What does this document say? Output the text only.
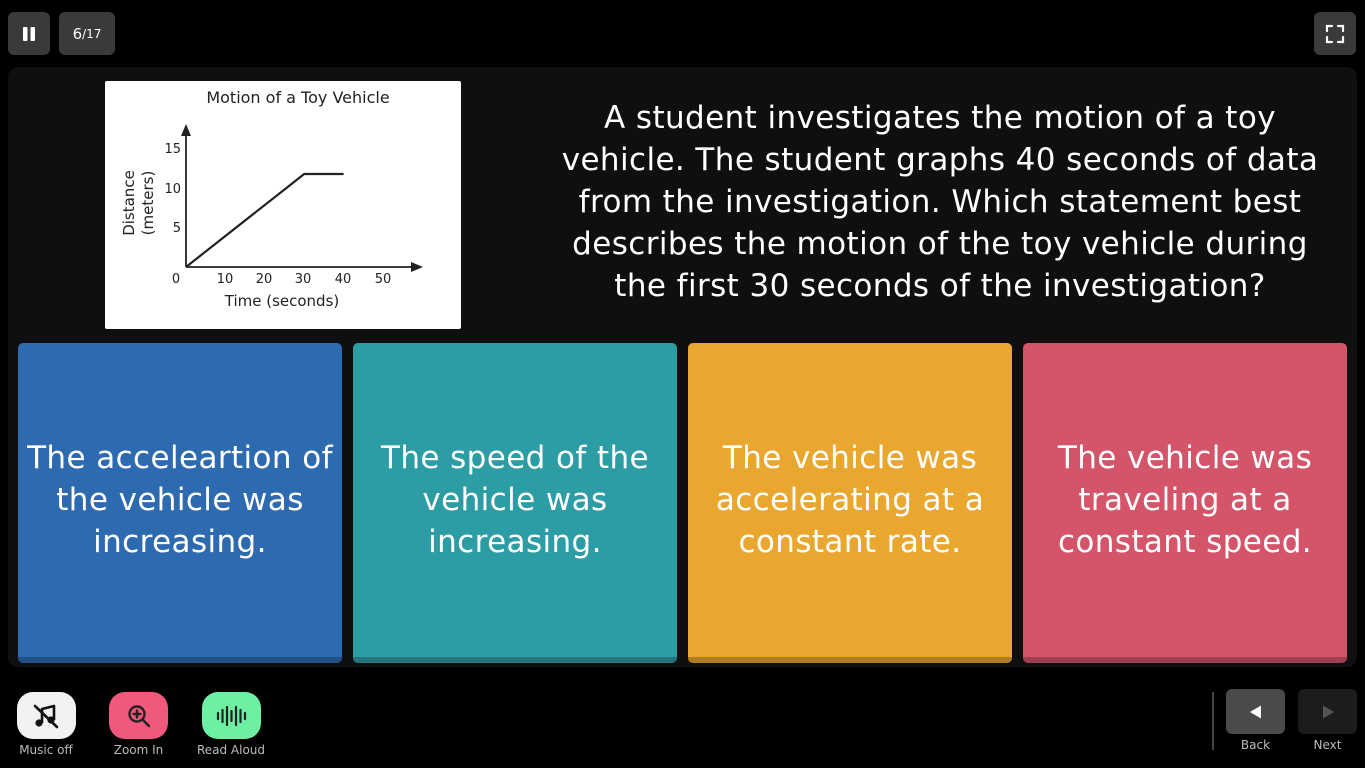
6 /17
Motion of a Toy Vehicle
5
10
15
0	10 20 30 40 50
Time (seconds)
Distance (meters)
A student investigates the motion of a toy vehicle. The student graphs 40 seconds of data from the investigation. Which statement best describes the motion of the toy vehicle during the first 30 seconds of the investigation?
The acceleartion of the vehicle was increasing.
The speed of the vehicle was increasing.
The vehicle was accelerating at a constant rate.
The vehicle was traveling at a constant speed.
Music off	Zoom In	Read Aloud	Back	Next
